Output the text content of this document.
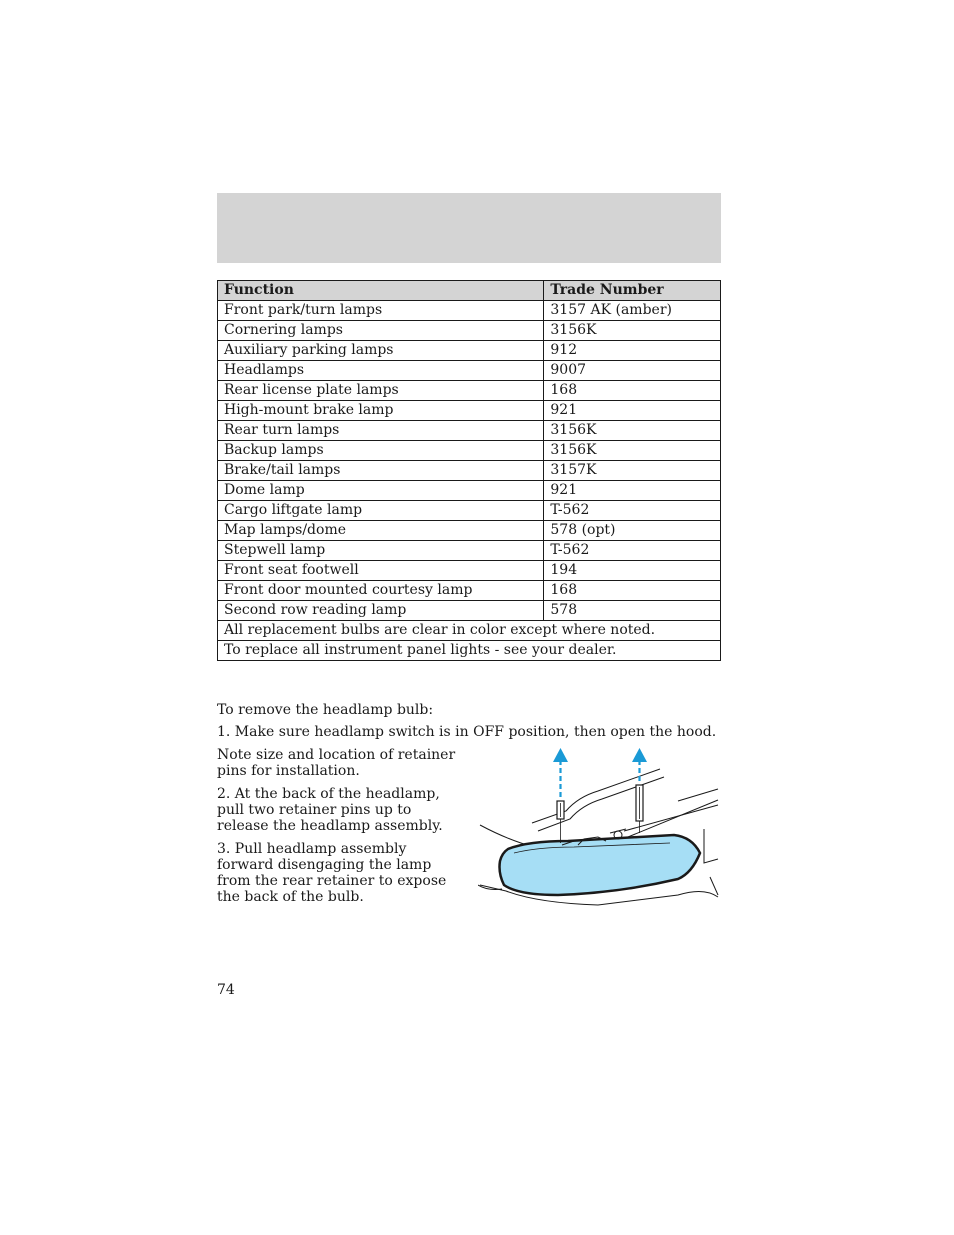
Function	Trade Number
Front park/turn lamps	3157 AK (amber)
Cornering lamps	3156K
Auxiliary parking lamps	912
Headlamps	9007
Rear license plate lamps	168
High-mount brake lamp	921
Rear turn lamps	3156K
Backup lamps	3156K
Brake/tail lamps	3157K
Dome lamp	921
Cargo liftgate lamp	T-562
Map lamps/dome	578 (opt)
Stepwell lamp	T-562
Front seat footwell	194
Front door mounted courtesy lamp	168
Second row reading lamp	578
All replacement bulbs are clear in color except where noted.	
To replace all instrument panel lights - see your dealer.	
To remove the headlamp bulb:
1. Make sure headlamp switch is in OFF position, then open the hood.
Note size and location of retainer pins for installation.
2. At the back of the headlamp, pull two retainer pins up to release the headlamp assembly.
3. Pull headlamp assembly forward disengaging the lamp from the rear retainer to expose the back of the bulb.
74
